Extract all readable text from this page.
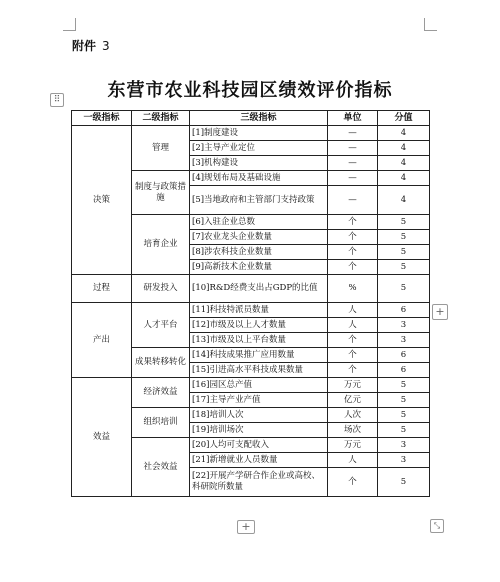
附件 3
东营市农业科技园区绩效评价指标
⠿
一级指标	二级指标	三级指标	单位	分值
决策	管理	[1]制度建设	—	4
		[2]主导产业定位	—	4
		[3]机构建设	—	4
	制度与政策措施	[4]规划布局及基础设施	—	4
		[5]当地政府和主管部门支持政策	—	4
	培育企业	[6]入驻企业总数	个	5
		[7]农业龙头企业数量	个	5
		[8]涉农科技企业数量	个	5
		[9]高新技术企业数量	个	5
过程	研发投入	[10]R&D经费支出占GDP的比值	%	5
产出	人才平台	[11]科技特派员数量	人	6
		[12]市级及以上人才数量	人	3
		[13]市级及以上平台数量	个	3
	成果转移转化	[14]科技成果推广应用数量	个	6
		[15]引进高水平科技成果数量	个	6
效益	经济效益	[16]园区总产值	万元	5
		[17]主导产业产值	亿元	5
	组织培训	[18]培训人次	人次	5
		[19]培训场次	场次	5
	社会效益	[20]人均可支配收入	万元	3
		[21]新增就业人员数量	人	3
		[22]开展产学研合作企业或高校、科研院所数量	个	5
+
+	⤡
